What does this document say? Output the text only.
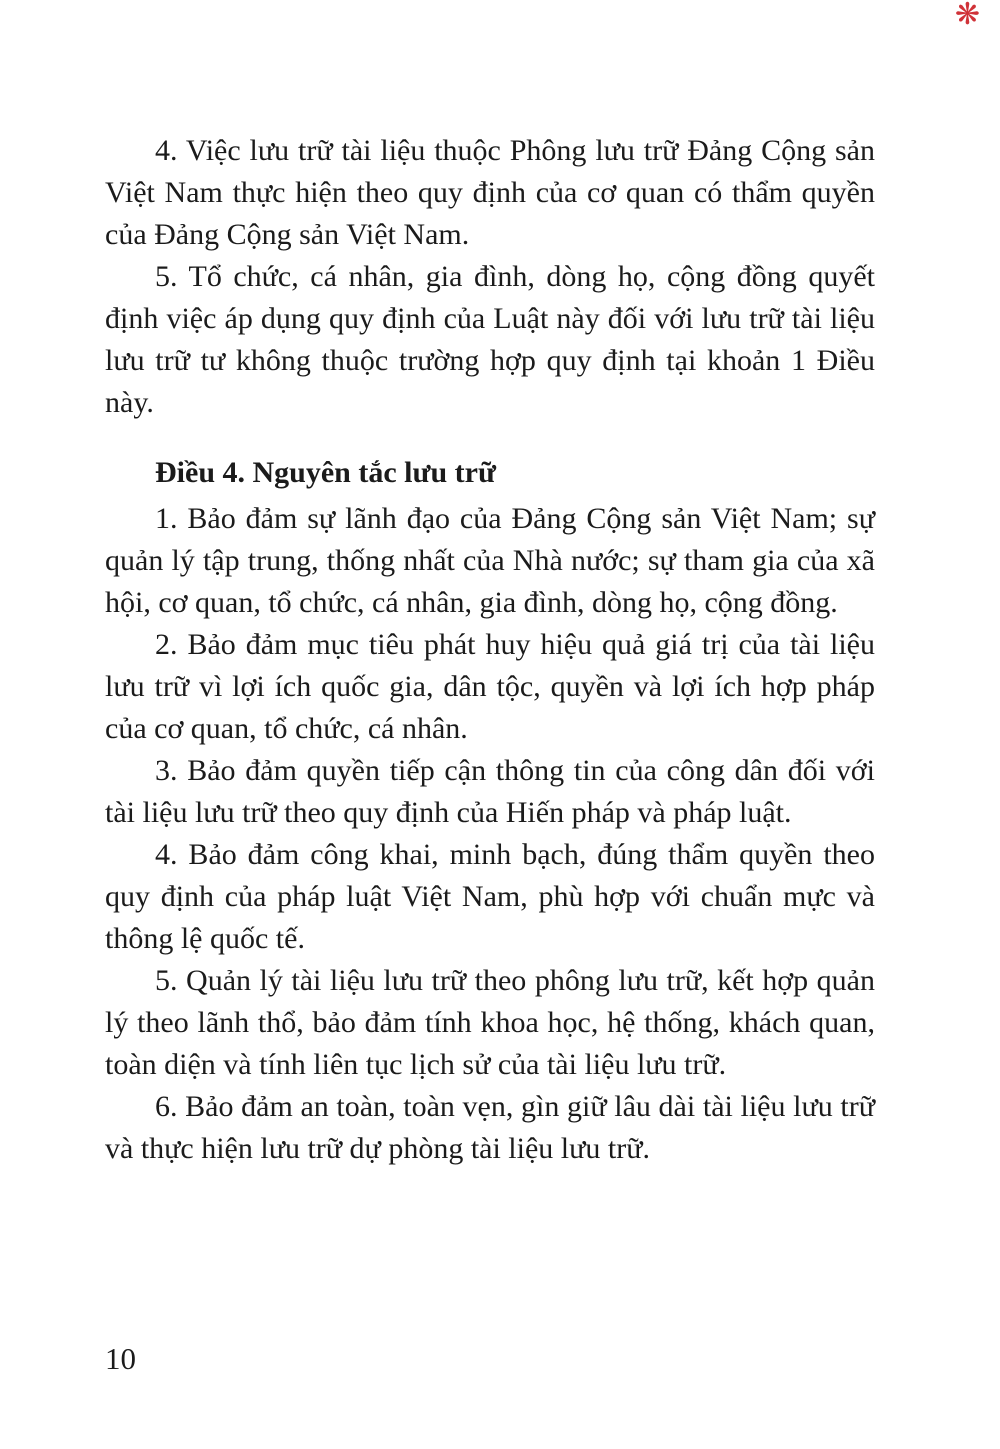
❋

4. Việc lưu trữ tài liệu thuộc Phông lưu trữ Đảng Cộng sản Việt Nam thực hiện theo quy định của cơ quan có thẩm quyền của Đảng Cộng sản Việt Nam.

5. Tổ chức, cá nhân, gia đình, dòng họ, cộng đồng quyết định việc áp dụng quy định của Luật này đối với lưu trữ tài liệu lưu trữ tư không thuộc trường hợp quy định tại khoản 1 Điều này.

Điều 4. Nguyên tắc lưu trữ

1. Bảo đảm sự lãnh đạo của Đảng Cộng sản Việt Nam; sự quản lý tập trung, thống nhất của Nhà nước; sự tham gia của xã hội, cơ quan, tổ chức, cá nhân, gia đình, dòng họ, cộng đồng.

2. Bảo đảm mục tiêu phát huy hiệu quả giá trị của tài liệu lưu trữ vì lợi ích quốc gia, dân tộc, quyền và lợi ích hợp pháp của cơ quan, tổ chức, cá nhân.

3. Bảo đảm quyền tiếp cận thông tin của công dân đối với tài liệu lưu trữ theo quy định của Hiến pháp và pháp luật.

4. Bảo đảm công khai, minh bạch, đúng thẩm quyền theo quy định của pháp luật Việt Nam, phù hợp với chuẩn mực và thông lệ quốc tế.

5. Quản lý tài liệu lưu trữ theo phông lưu trữ, kết hợp quản lý theo lãnh thổ, bảo đảm tính khoa học, hệ thống, khách quan, toàn diện và tính liên tục lịch sử của tài liệu lưu trữ.

6. Bảo đảm an toàn, toàn vẹn, gìn giữ lâu dài tài liệu lưu trữ và thực hiện lưu trữ dự phòng tài liệu lưu trữ.

10
